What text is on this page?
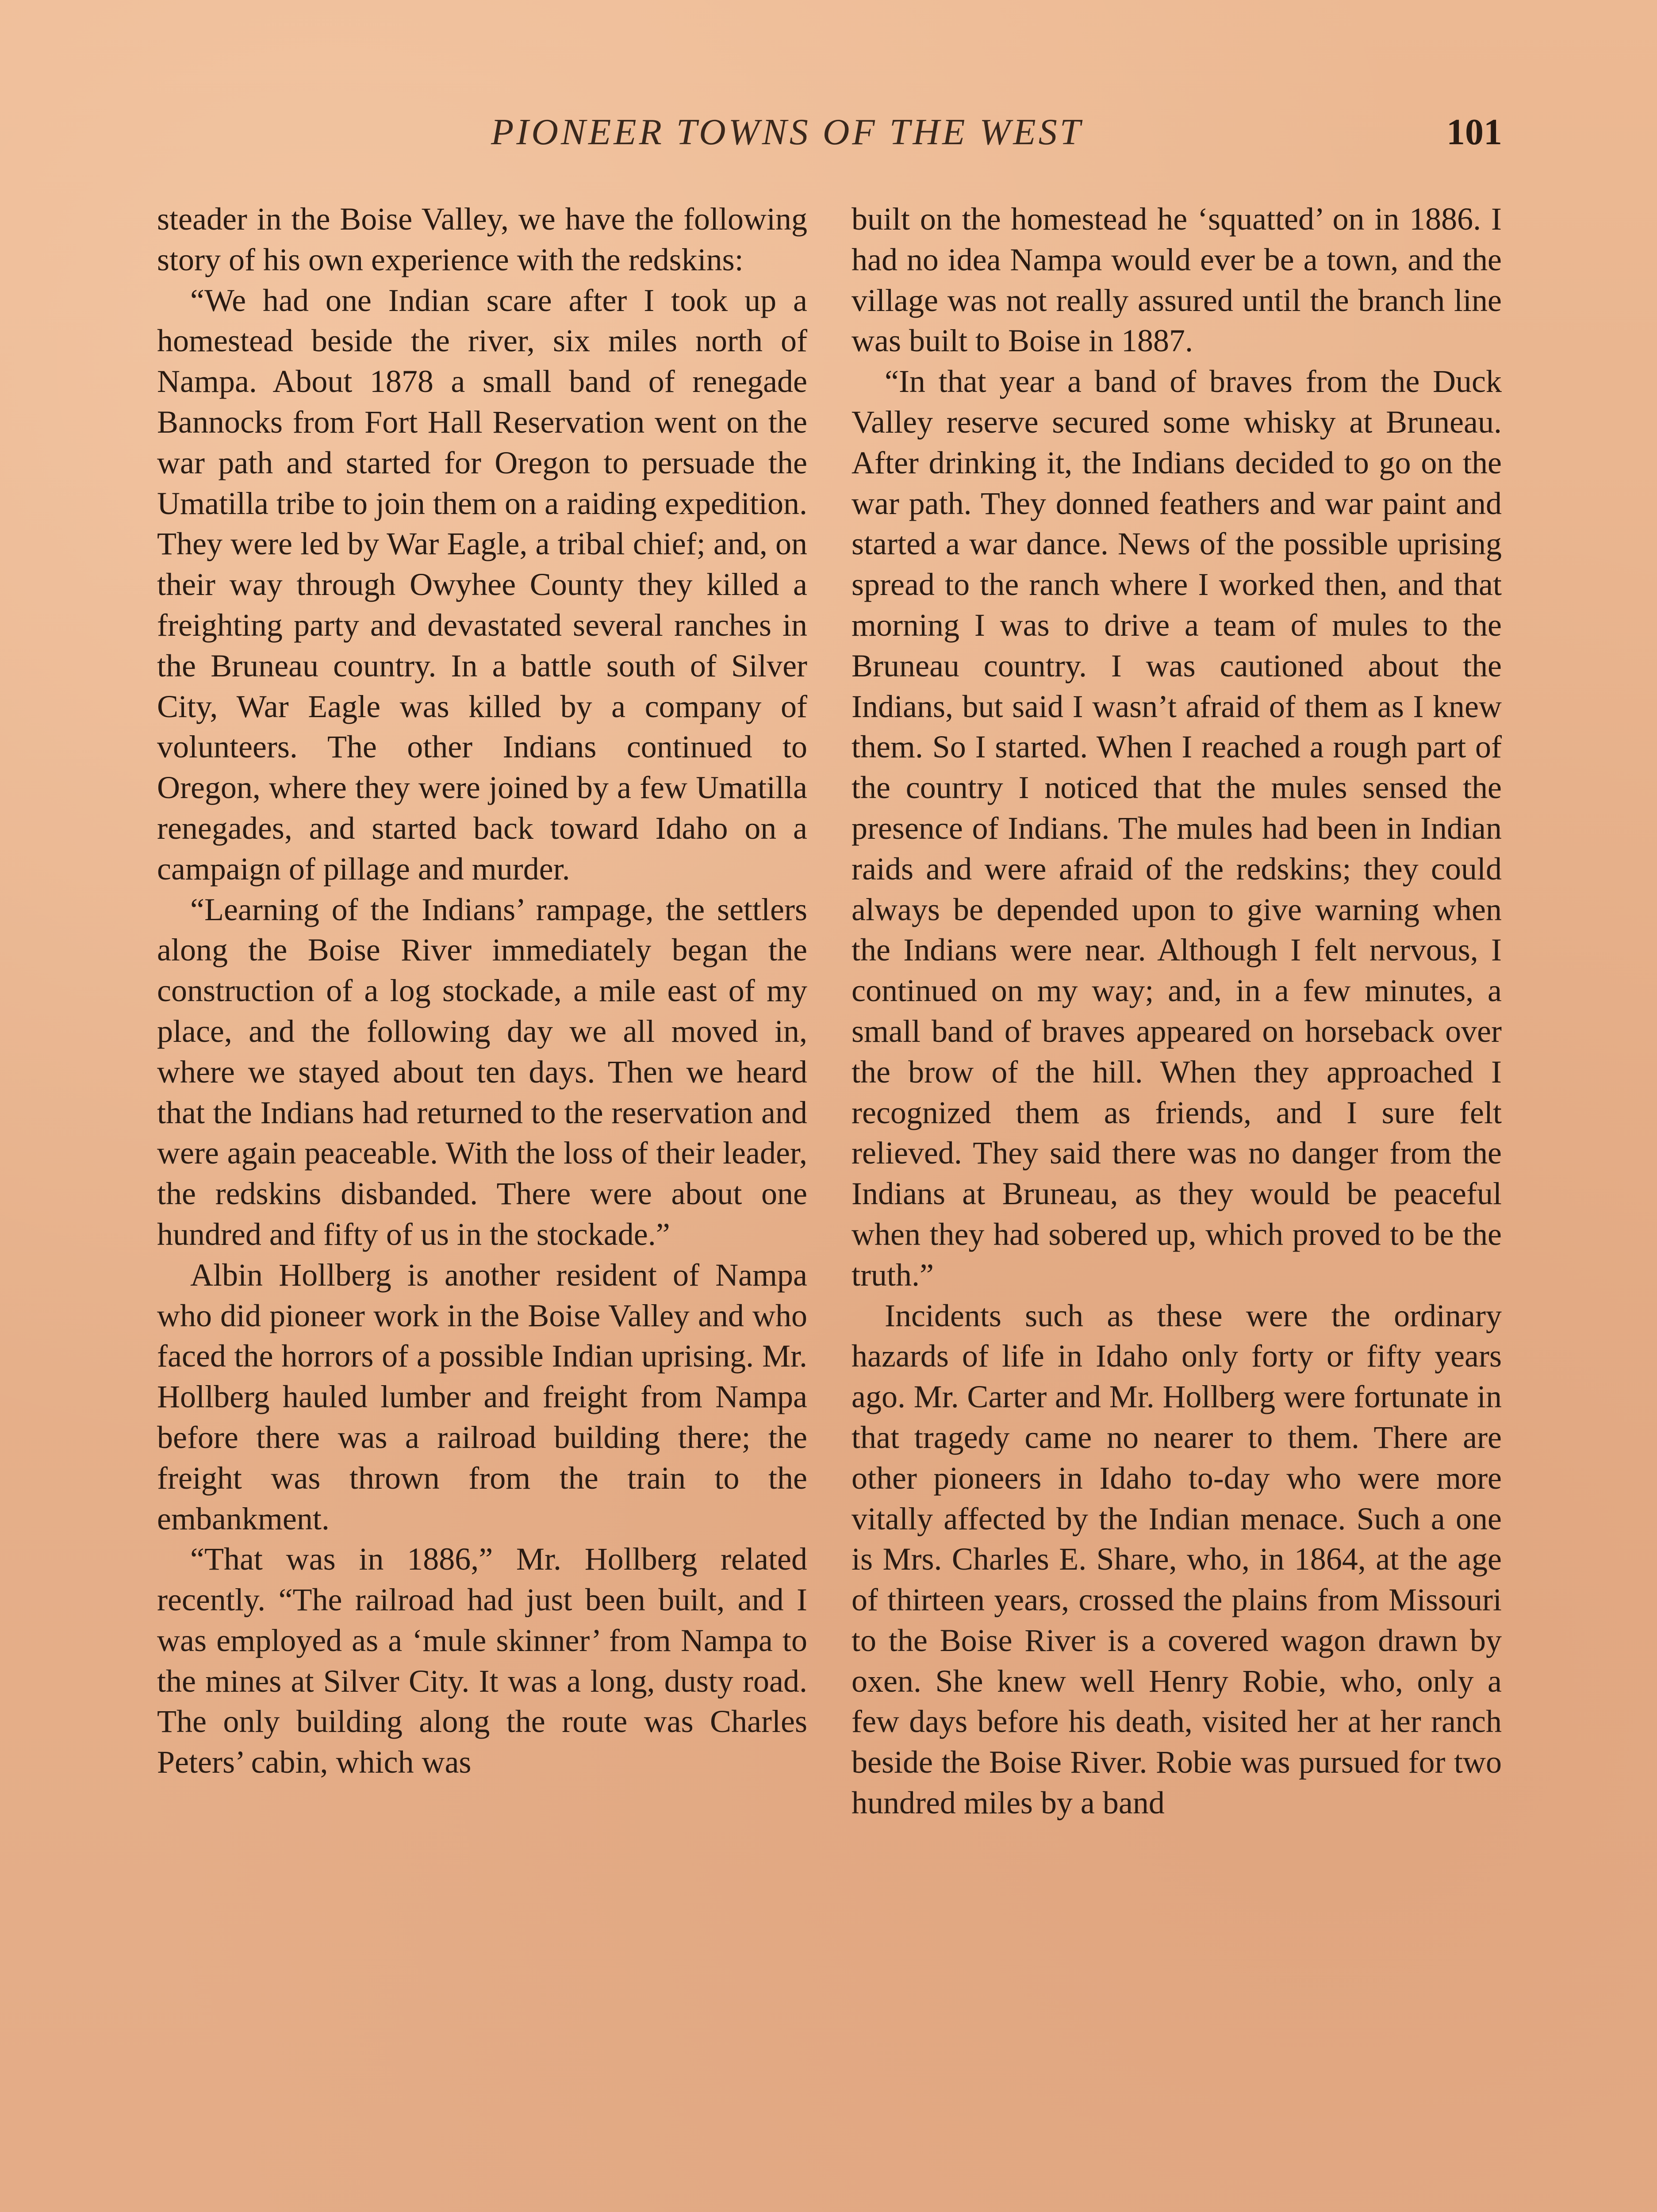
PIONEER TOWNS OF THE WEST	101

steader in the Boise Valley, we have the following story of his own experience with the redskins:

“We had one Indian scare after I took up a homestead beside the river, six miles north of Nampa. About 1878 a small band of renegade Bannocks from Fort Hall Reservation went on the war path and started for Oregon to persuade the Umatilla tribe to join them on a raiding expedition. They were led by War Eagle, a tribal chief; and, on their way through Owyhee County they killed a freighting party and devastated several ranches in the Bruneau country. In a battle south of Silver City, War Eagle was killed by a company of volunteers. The other Indians continued to Oregon, where they were joined by a few Umatilla renegades, and started back toward Idaho on a campaign of pillage and murder.

“Learning of the Indians’ rampage, the settlers along the Boise River immediately began the construction of a log stockade, a mile east of my place, and the following day we all moved in, where we stayed about ten days. Then we heard that the Indians had returned to the reservation and were again peaceable. With the loss of their leader, the redskins disbanded. There were about one hundred and fifty of us in the stockade.”

Albin Hollberg is another resident of Nampa who did pioneer work in the Boise Valley and who faced the horrors of a possible Indian uprising. Mr. Hollberg hauled lumber and freight from Nampa before there was a railroad building there; the freight was thrown from the train to the embankment.

“That was in 1886,” Mr. Hollberg related recently. “The railroad had just been built, and I was employed as a ‘mule skinner’ from Nampa to the mines at Silver City. It was a long, dusty road. The only building along the route was Charles Peters’ cabin, which was

built on the homestead he ‘squatted’ on in 1886. I had no idea Nampa would ever be a town, and the village was not really assured until the branch line was built to Boise in 1887.

“In that year a band of braves from the Duck Valley reserve secured some whisky at Bruneau. After drinking it, the Indians decided to go on the war path. They donned feathers and war paint and started a war dance. News of the possible uprising spread to the ranch where I worked then, and that morning I was to drive a team of mules to the Bruneau country. I was cautioned about the Indians, but said I wasn’t afraid of them as I knew them. So I started. When I reached a rough part of the country I noticed that the mules sensed the presence of Indians. The mules had been in Indian raids and were afraid of the redskins; they could always be depended upon to give warning when the Indians were near. Although I felt nervous, I continued on my way; and, in a few minutes, a small band of braves appeared on horseback over the brow of the hill. When they approached I recognized them as friends, and I sure felt relieved. They said there was no danger from the Indians at Bruneau, as they would be peaceful when they had sobered up, which proved to be the truth.”

Incidents such as these were the ordinary hazards of life in Idaho only forty or fifty years ago. Mr. Carter and Mr. Hollberg were fortunate in that tragedy came no nearer to them. There are other pioneers in Idaho to-day who were more vitally affected by the Indian menace. Such a one is Mrs. Charles E. Share, who, in 1864, at the age of thirteen years, crossed the plains from Missouri to the Boise River is a covered wagon drawn by oxen. She knew well Henry Robie, who, only a few days before his death, visited her at her ranch beside the Boise River. Robie was pursued for two hundred miles by a band
